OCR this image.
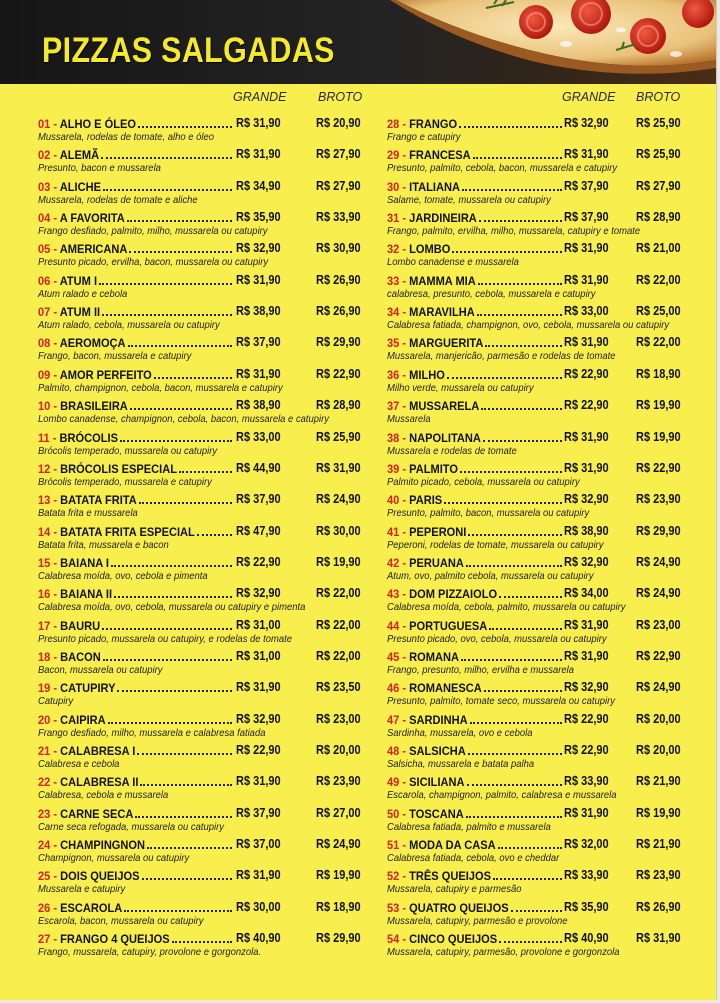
PIZZAS SALGADAS
GRANDE	BROTO	GRANDE BROTO
01 - ALHO E ÓLEO	R$ 31,90	R$ 20,90
Mussarela, rodelas de tomate, alho e óleo
02 - ALEMÃ	R$ 31,90	R$ 27,90
Presunto, bacon e mussarela
03 - ALICHE	R$ 34,90	R$ 27,90
Mussarela, rodelas de tomate e aliche
04 - A FAVORITA	R$ 35,90	R$ 33,90
Frango desfiado, palmito, milho, mussarela ou catupiry
05 - AMERICANA	R$ 32,90	R$ 30,90
Presunto picado, ervilha, bacon, mussarela ou catupiry
06 - ATUM I	R$ 31,90	R$ 26,90
Atum ralado e cebola
07 - ATUM II	R$ 38,90	R$ 26,90
Atum ralado, cebola, mussarela ou catupiry
08 - AEROMOÇA	R$ 37,90	R$ 29,90
Frango, bacon, mussarela e catupiry
09 - AMOR PERFEITO	R$ 31,90	R$ 22,90
Palmito, champignon, cebola, bacon, mussarela e catupiry
10 - BRASILEIRA	R$ 38,90	R$ 28,90
Lombo canadense, champignon, cebola, bacon, mussarela e catupiry
11 - BRÓCOLIS	R$ 33,00	R$ 25,90
Brócolis temperado, mussarela ou catupiry
12 - BRÓCOLIS ESPECIAL	R$ 44,90	R$ 31,90
Brócolis temperado, mussarela e catupiry
13 - BATATA FRITA	R$ 37,90	R$ 24,90
Batata frita e mussarela
14 - BATATA FRITA ESPECIAL	R$ 47,90	R$ 30,00
Batata frita, mussarela e bacon
15 - BAIANA I	R$ 22,90	R$ 19,90
Calabresa moída, ovo, cebola e pimenta
16 - BAIANA II	R$ 32,90	R$ 22,00
Calabresa moída, ovo, cebola, mussarela ou catupiry e pimenta
17 - BAURU	R$ 31,00	R$ 22,00
Presunto picado, mussarela ou catupiry, e rodelas de tomate
18 - BACON	R$ 31,00	R$ 22,00
Bacon, mussarela ou catupiry
19 - CATUPIRY	R$ 31,90	R$ 23,50
Catupiry
20 - CAIPIRA	R$ 32,90	R$ 23,00
Frango desfiado, milho, mussarela e calabresa fatiada
21 - CALABRESA I	R$ 22,90	R$ 20,00
Calabresa e cebola
22 - CALABRESA II	R$ 31,90	R$ 23,90
Calabresa, cebola e mussarela
23 - CARNE SECA	R$ 37,90	R$ 27,00
Carne seca refogada, mussarela ou catupiry
24 - CHAMPINGNON	R$ 37,00	R$ 24,90
Champignon, mussarela ou catupiry
25 - DOIS QUEIJOS	R$ 31,90	R$ 19,90
Mussarela e catupiry
26 - ESCAROLA	R$ 30,00	R$ 18,90
Escarola, bacon, mussarela ou catupiry
27 - FRANGO 4 QUEIJOS	R$ 40,90	R$ 29,90
Frango, mussarela, catupiry, provolone e gorgonzola.
28 - FRANGO	R$ 32,90 R$ 25,90
Frango e catupiry
29 - FRANCESA	R$ 31,90 R$ 25,90
Presunto, palmito, cebola, bacon, mussarela e catupiry
30 - ITALIANA	R$ 37,90 R$ 27,90
Salame, tomate, mussarela ou catupiry
31 - JARDINEIRA	R$ 37,90 R$ 28,90
Frango, palmito, ervilha, milho, mussarela, catupiry e tomate
32 - LOMBO	R$ 31,90 R$ 21,00
Lombo canadense e mussarela
33 - MAMMA MIA	R$ 31,90 R$ 22,00
calabresa, presunto, cebola, mussarela e catupiry
34 - MARAVILHA	R$ 33,00 R$ 25,00
Calabresa fatiada, champignon, ovo, cebola, mussarela ou catupiry
35 - MARGUERITA	R$ 31,90 R$ 22,00
Mussarela, manjericão, parmesão e rodelas de tomate
36 - MILHO	R$ 22,90 R$ 18,90
Milho verde, mussarela ou catupiry
37 - MUSSARELA	R$ 22,90 R$ 19,90
Mussarela
38 - NAPOLITANA	R$ 31,90 R$ 19,90
Mussarela e rodelas de tomate
39 - PALMITO	R$ 31,90 R$ 22,90
Palmito picado, cebola, mussarela ou catupiry
40 - PARIS	R$ 32,90 R$ 23,90
Presunto, palmito, bacon, mussarela ou catupiry
41 - PEPERONI	R$ 38,90 R$ 29,90
Peperoni, rodelas de tomate, mussarela ou catupiry
42 - PERUANA	R$ 32,90 R$ 24,90
Atum, ovo, palmito cebola, mussarela ou catupiry
43 - DOM PIZZAIOLO	R$ 34,00 R$ 24,90
Calabresa moída, cebola, palmito, mussarela ou catupiry
44 - PORTUGUESA	R$ 31,90 R$ 23,00
Presunto picado, ovo, cebola, mussarela ou catupiry
45 - ROMANA	R$ 31,90 R$ 22,90
Frango, presunto, milho, ervilha e mussarela
46 - ROMANESCA	R$ 32,90 R$ 24,90
Presunto, palmito, tomate seco, mussarela ou catupiry
47 - SARDINHA	R$ 22,90 R$ 20,00
Sardinha, mussarela, ovo e cebola
48 - SALSICHA	R$ 22,90 R$ 20,00
Salsicha, mussarela e batata palha
49 - SICILIANA	R$ 33,90 R$ 21,90
Escarola, champignon, palmito, calabresa e mussarela
50 - TOSCANA	R$ 31,90 R$ 19,90
Calabresa fatiada, palmito e mussarela
51 - MODA DA CASA	R$ 32,00 R$ 21,90
Calabresa fatiada, cebola, ovo e cheddar
52 - TRÊS QUEIJOS	R$ 33,90 R$ 23,90
Mussarela, catupiry e parmesão
53 - QUATRO QUEIJOS	R$ 35,90 R$ 26,90
Mussarela, catupiry, parmesão e provolone
54 - CINCO QUEIJOS	R$ 40,90 R$ 31,90
Mussarela, catupiry, parmesão, provolone e gorgonzola
